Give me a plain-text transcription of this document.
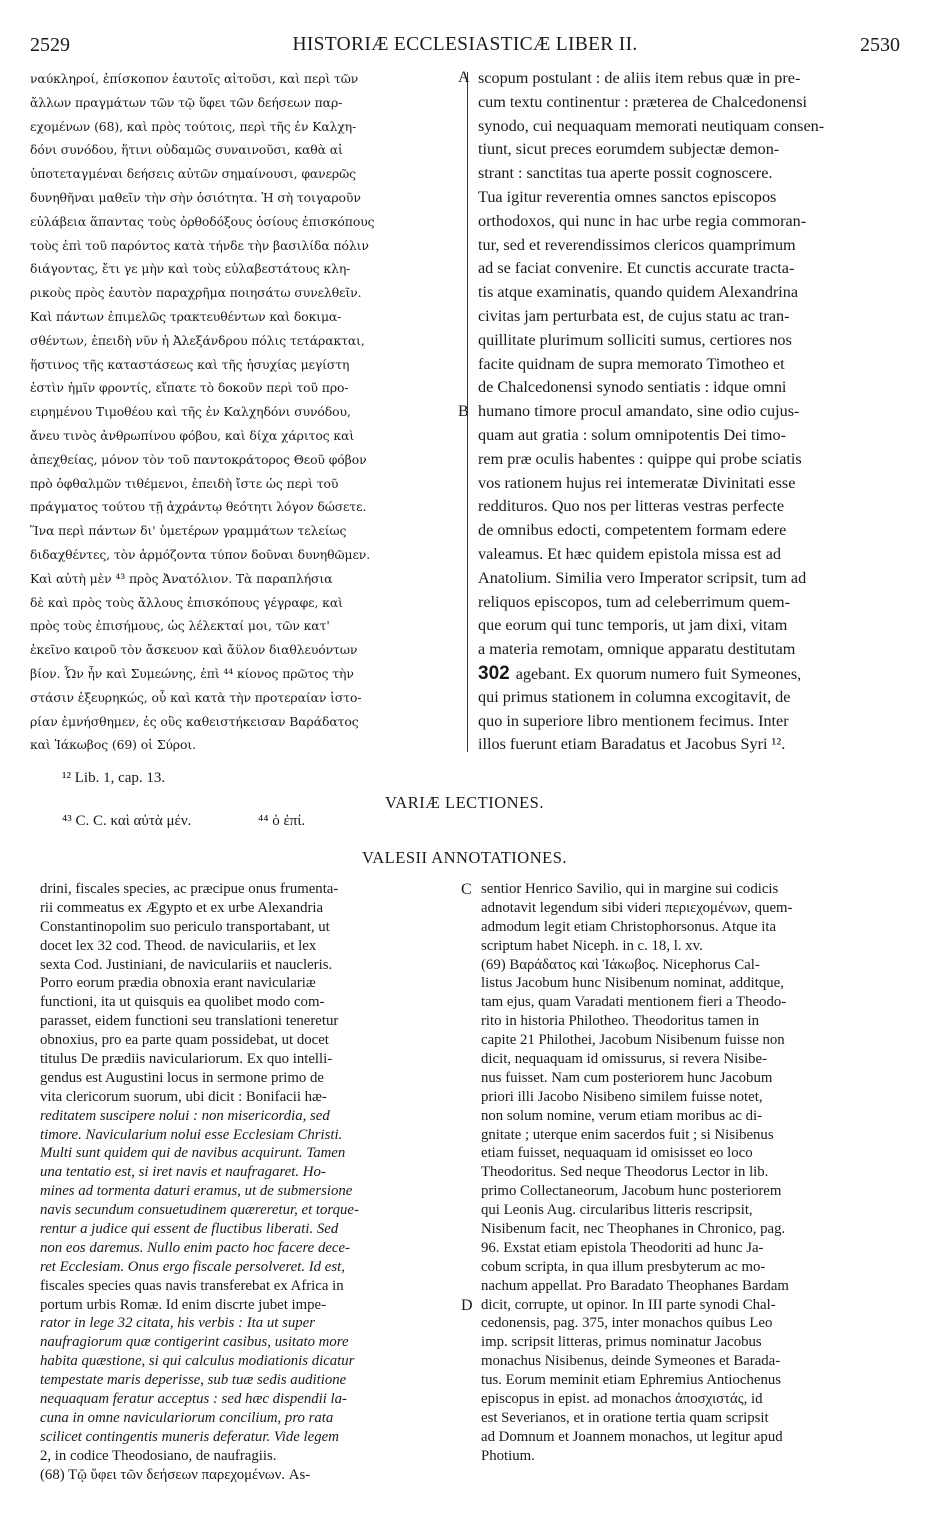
2529	HISTORIÆ ECCLESIASTICÆ LIBER II.	2530
ναύκληροί, ἐπίσκοπον ἑαυτοῖς αἰτοῦσι, καὶ περὶ τῶν
ἄλλων πραγμάτων τῶν τῷ ὕφει τῶν δεήσεων παρ-
εχομένων (68), καὶ πρὸς τούτοις, περὶ τῆς ἐν Καλχη-
δόνι συνόδου, ἥτινι οὐδαμῶς συναινοῦσι, καθὰ αἱ
ὑποτεταγμέναι δεήσεις αὐτῶν σημαίνουσι, φανερῶς
δυνηθῆναι μαθεῖν τὴν σὴν ὁσιότητα. Ἡ σὴ τοιγαροῦν
εὐλάβεια ἅπαντας τοὺς ὀρθοδόξους ὁσίους ἐπισκόπους
τοὺς ἐπὶ τοῦ παρόντος κατὰ τήνδε τὴν βασιλίδα πόλιν
διάγοντας, ἔτι γε μὴν καὶ τοὺς εὐλαβεστάτους κλη-
ρικοὺς πρὸς ἑαυτὸν παραχρῆμα ποιησάτω συνελθεῖν.
Καὶ πάντων ἐπιμελῶς τρακτευθέντων καὶ δοκιμα-
σθέντων, ἐπειδὴ νῦν ἡ Ἀλεξάνδρου πόλις τετάρακται,
ἥστινος τῆς καταστάσεως καὶ τῆς ἡσυχίας μεγίστη
ἐστὶν ἡμῖν φροντίς, εἴπατε τὸ δοκοῦν περὶ τοῦ προ-
ειρημένου Τιμοθέου καὶ τῆς ἐν Καλχηδόνι συνόδου,
ἄνευ τινὸς ἀνθρωπίνου φόβου, καὶ δίχα χάριτος καὶ
ἀπεχθείας, μόνον τὸν τοῦ παντοκράτορος Θεοῦ φόβον
πρὸ ὀφθαλμῶν τιθέμενοι, ἐπειδὴ ἴστε ὡς περὶ τοῦ
πράγματος τούτου τῇ ἀχράντῳ θεότητι λόγον δώσετε.
Ἵνα περὶ πάντων δι' ὑμετέρων γραμμάτων τελείως
διδαχθέντες, τὸν ἁρμόζοντα τύπον δοῦναι δυνηθῶμεν.
Καὶ αὐτὴ μὲν ⁴³ πρὸς Ἀνατόλιον. Τὰ παραπλήσια
δὲ καὶ πρὸς τοὺς ἄλλους ἐπισκόπους γέγραφε, καὶ
πρὸς τοὺς ἐπισήμους, ὡς λέλεκταί μοι, τῶν κατ'
ἐκεῖνο καιροῦ τὸν ἄσκευον καὶ ἄϋλον διαθλευόντων
βίον. Ὧν ἦν καὶ Συμεώνης, ἐπὶ ⁴⁴ κίονος πρῶτος τὴν
στάσιν ἐξευρηκώς, οὗ καὶ κατὰ τὴν προτεραίαν ἱστο-
ρίαν ἐμνήσθημεν, ἐς οὓς καθειστήκεισαν Βαράδατος
καὶ Ἰάκωβος (69) οἱ Σύροι.
scopum postulant : de aliis item rebus quæ in pre-
cum textu continentur : præterea de Chalcedonensi
synodo, cui nequaquam memorati neutiquam consen-
tiunt, sicut preces eorumdem subjectæ demon-
strant : sanctitas tua aperte possit cognoscere.
Tua igitur reverentia omnes sanctos episcopos
orthodoxos, qui nunc in hac urbe regia commoran-
tur, sed et reverendissimos clericos quamprimum
ad se faciat convenire. Et cunctis accurate tracta-
tis atque examinatis, quando quidem Alexandrina
civitas jam perturbata est, de cujus statu ac tran-
quillitate plurimum solliciti sumus, certiores nos
facite quidnam de supra memorato Timotheo et
de Chalcedonensi synodo sentiatis : idque omni
humano timore procul amandato, sine odio cujus-
quam aut gratia : solum omnipotentis Dei timo-
rem præ oculis habentes : quippe qui probe sciatis
vos rationem hujus rei intemeratæ Divinitati esse
reddituros. Quo nos per litteras vestras perfecte
de omnibus edocti, competentem formam edere
valeamus. Et hæc quidem epistola missa est ad
Anatolium. Similia vero Imperator scripsit, tum ad
reliquos episcopos, tum ad celeberrimum quem-
que eorum qui tunc temporis, ut jam dixi, vitam
a materia remotam, omnique apparatu destitutam
302 agebant. Ex quorum numero fuit Symeones,
qui primus stationem in columna excogitavit, de
quo in superiore libro mentionem fecimus. Inter
illos fuerunt etiam Baradatus et Jacobus Syri ¹².
A
B
¹² Lib. 1, cap. 13.
⁴³ C. C. καὶ αὐτὰ μέν.	⁴⁴ ὁ ἐπί.
VARIÆ LECTIONES.
VALESII ANNOTATIONES.
drini, fiscales species, ac præcipue onus frumenta-
rii commeatus ex Ægypto et ex urbe Alexandria
Constantinopolim suo periculo transportabant, ut
docet lex 32 cod. Theod. de naviculariis, et lex
sexta Cod. Justiniani, de naviculariis et naucleris.
Porro eorum prædia obnoxia erant naviculariæ
functioni, ita ut quisquis ea quolibet modo com-
parasset, eidem functioni seu translationi teneretur
obnoxius, pro ea parte quam possidebat, ut docet
titulus De prædiis naviculariorum. Ex quo intelli-
gendus est Augustini locus in sermone primo de
vita clericorum suorum, ubi dicit : Bonifacii hæ-
reditatem suscipere nolui : non misericordia, sed
timore. Navicularium nolui esse Ecclesiam Christi.
Multi sunt quidem qui de navibus acquirunt. Tamen
una tentatio est, si iret navis et naufragaret. Ho-
mines ad tormenta daturi eramus, ut de submersione
navis secundum consuetudinem quæreretur, et torque-
rentur a judice qui essent de fluctibus liberati. Sed
non eos daremus. Nullo enim pacto hoc facere dece-
ret Ecclesiam. Onus ergo fiscale persolveret. Id est,
fiscales species quas navis transferebat ex Africa in
portum urbis Romæ. Id enim discrte jubet impe-
rator in lege 32 citata, his verbis : Ita ut super
naufragiorum quæ contigerint casibus, usitato more
habita quæstione, si qui calculus modiationis dicatur
tempestate maris deperisse, sub tuæ sedis auditione
nequaquam feratur acceptus : sed hæc dispendii la-
cuna in omne naviculariorum concilium, pro rata
scilicet contingentis muneris deferatur. Vide legem
2, in codice Theodosiano, de naufragiis.
(68) Τῷ ὕφει τῶν δεήσεων παρεχομένων. As-
sentior Henrico Savilio, qui in margine sui codicis
adnotavit legendum sibi videri περιεχομένων, quem-
admodum legit etiam Christophorsonus. Atque ita
scriptum habet Niceph. in c. 18, l. xv.
(69) Βαράδατος καὶ Ἰάκωβος. Nicephorus Cal-
listus Jacobum hunc Nisibenum nominat, additque,
tam ejus, quam Varadati mentionem fieri a Theodo-
rito in historia Philotheo. Theodoritus tamen in
capite 21 Philothei, Jacobum Nisibenum fuisse non
dicit, nequaquam id omissurus, si revera Nisibe-
nus fuisset. Nam cum posteriorem hunc Jacobum
priori illi Jacobo Nisibeno similem fuisse notet,
non solum nomine, verum etiam moribus ac di-
gnitate ; uterque enim sacerdos fuit ; si Nisibenus
etiam fuisset, nequaquam id omisisset eo loco
Theodoritus. Sed neque Theodorus Lector in lib.
primo Collectaneorum, Jacobum hunc posteriorem
qui Leonis Aug. circularibus litteris rescripsit,
Nisibenum facit, nec Theophanes in Chronico, pag.
96. Exstat etiam epistola Theodoriti ad hunc Ja-
cobum scripta, in qua illum presbyterum ac mo-
nachum appellat. Pro Baradato Theophanes Bardam
dicit, corrupte, ut opinor. In III parte synodi Chal-
cedonensis, pag. 375, inter monachos quibus Leo
imp. scripsit litteras, primus nominatur Jacobus
monachus Nisibenus, deinde Symeones et Barada-
tus. Eorum meminit etiam Ephremius Antiochenus
episcopus in epist. ad monachos ἀποσχιστάς, id
est Severianos, et in oratione tertia quam scripsit
ad Domnum et Joannem monachos, ut legitur apud
Photium.
C
D
